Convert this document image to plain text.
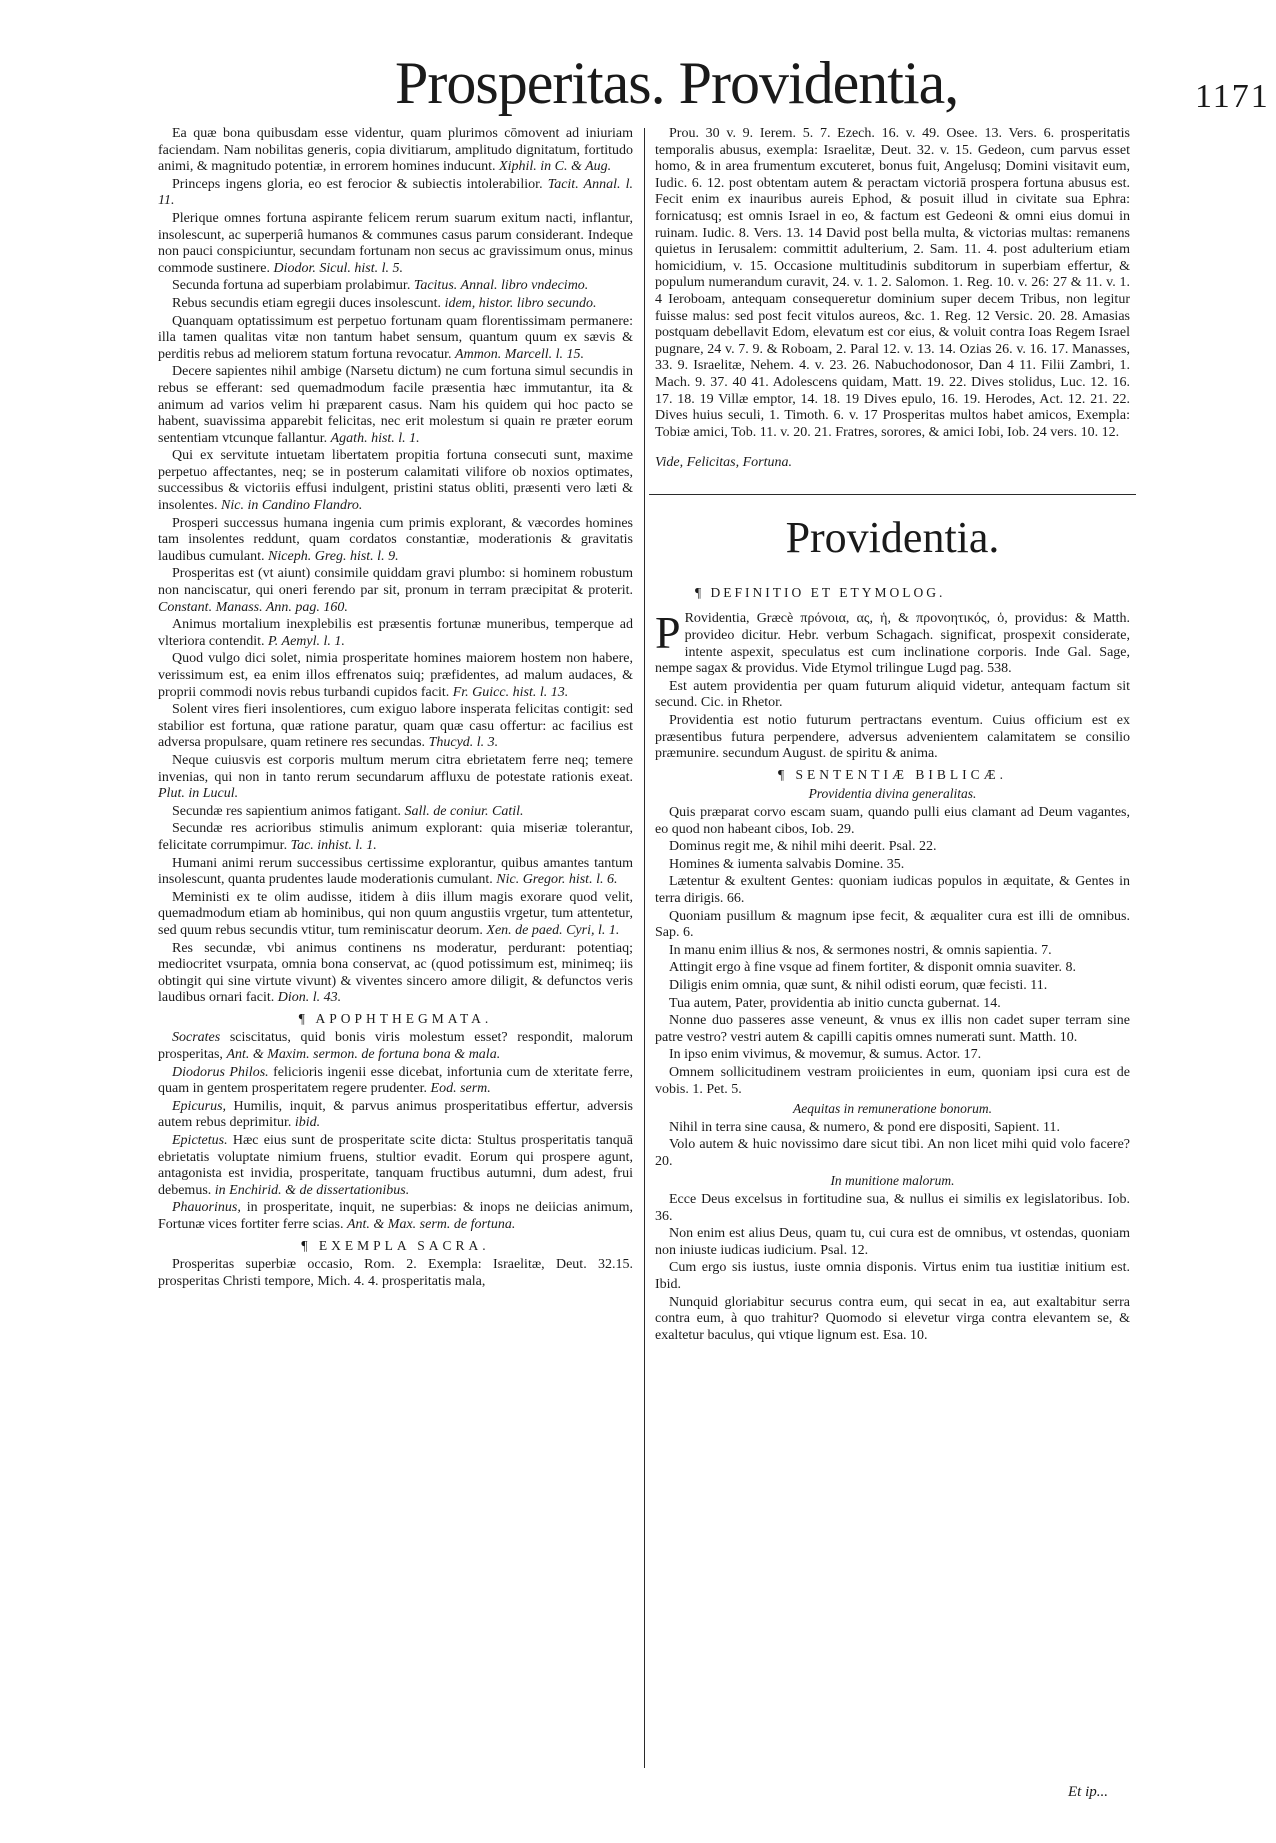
Prosperitas. Providentia,	1171

Ea quæ bona quibusdam esse videntur, quam plurimos cōmovent ad iniuriam faciendam. Nam nobilitas generis, copia divitiarum, amplitudo dignitatum, fortitudo animi, & magnitudo potentiæ, in errorem homines inducunt. Xiphil. in C. & Aug.

Princeps ingens gloria, eo est ferocior & subiectis intolerabilior. Tacit. Annal. l. 11.

Plerique omnes fortuna aspirante felicem rerum suarum exitum nacti, inflantur, insolescunt, ac superperiâ humanos & communes casus parum considerant. Indeque non pauci conspiciuntur, secundam fortunam non secus ac gravissimum onus, minus commode sustinere. Diodor. Sicul. hist. l. 5.

Secunda fortuna ad superbiam prolabimur. Tacitus. Annal. libro vndecimo.

Rebus secundis etiam egregii duces insolescunt. idem, histor. libro secundo.

Quanquam optatissimum est perpetuo fortunam quam florentissimam permanere: illa tamen qualitas vitæ non tantum habet sensum, quantum quum ex sævis & perditis rebus ad meliorem statum fortuna revocatur. Ammon. Marcell. l. 15.

Decere sapientes nihil ambige (Narsetu dictum) ne cum fortuna simul secundis in rebus se efferant: sed quemadmodum facile præsentia hæc immutantur, ita & animum ad varios velim hi præparent casus. Nam his quidem qui hoc pacto se habent, suavissima apparebit felicitas, nec erit molestum si quain re præter eorum sententiam vtcunque fallantur. Agath. hist. l. 1.

Qui ex servitute intuetam libertatem propitia fortuna consecuti sunt, maxime perpetuo affectantes, neq; se in posterum calamitati vilifore ob noxios optimates, successibus & victoriis effusi indulgent, pristini status obliti, præsenti vero læti & insolentes. Nic. in Candino Flandro.

Prosperi successus humana ingenia cum primis explorant, & væcordes homines tam insolentes reddunt, quam cordatos constantiæ, moderationis & gravitatis laudibus cumulant. Niceph. Greg. hist. l. 9.

Prosperitas est (vt aiunt) consimile quiddam gravi plumbo: si hominem robustum non nanciscatur, qui oneri ferendo par sit, pronum in terram præcipitat & proterit. Constant. Manass. Ann. pag. 160.

Animus mortalium inexplebilis est præsentis fortunæ muneribus, temperque ad vlteriora contendit. P. Aemyl. l. 1.

Quod vulgo dici solet, nimia prosperitate homines maiorem hostem non habere, verissimum est, ea enim illos effrenatos suiq; præfidentes, ad malum audaces, & proprii commodi novis rebus turbandi cupidos facit. Fr. Guicc. hist. l. 13.

Solent vires fieri insolentiores, cum exiguo labore insperata felicitas contigit: sed stabilior est fortuna, quæ ratione paratur, quam quæ casu offertur: ac facilius est adversa propulsare, quam retinere res secundas. Thucyd. l. 3.

Neque cuiusvis est corporis multum merum citra ebrietatem ferre neq; temere invenias, qui non in tanto rerum secundarum affluxu de potestate rationis exeat. Plut. in Lucul.

Secundæ res sapientium animos fatigant. Sall. de coniur. Catil.

Secundæ res acrioribus stimulis animum explorant: quia miseriæ tolerantur, felicitate corrumpimur. Tac. inhist. l. 1.

Humani animi rerum successibus certissime explorantur, quibus amantes tantum insolescunt, quanta prudentes laude moderationis cumulant. Nic. Gregor. hist. l. 6.

Meministi ex te olim audisse, itidem à diis illum magis exorare quod velit, quemadmodum etiam ab hominibus, qui non quum angustiis vrgetur, tum attentetur, sed quum rebus secundis vtitur, tum reminiscatur deorum. Xen. de paed. Cyri, l. 1.

Res secundæ, vbi animus continens ns moderatur, perdurant: potentiaq; mediocritet vsurpata, omnia bona conservat, ac (quod potissimum est, minimeq; iis obtingit qui sine virtute vivunt) & viventes sincero amore diligit, & defunctos veris laudibus ornari facit. Dion. l. 43.

¶ APOPHTHEGMATA.

Socrates sciscitatus, quid bonis viris molestum esset? respondit, malorum prosperitas, Ant. & Maxim. sermon. de fortuna bona & mala.

Diodorus Philos. felicioris ingenii esse dicebat, infortunia cum de xteritate ferre, quam in gentem prosperitatem regere prudenter. Eod. serm.

Epicurus, Humilis, inquit, & parvus animus prosperitatibus effertur, adversis autem rebus deprimitur. ibid.

Epictetus. Hæc eius sunt de prosperitate scite dicta: Stultus prosperitatis tanquā ebrietatis voluptate nimium fruens, stultior evadit. Eorum qui prospere agunt, antagonista est invidia, prosperitate, tanquam fructibus autumni, dum adest, frui debemus. in Enchirid. & de dissertationibus.

Phauorinus, in prosperitate, inquit, ne superbias: & inops ne deiicias animum, Fortunæ vices fortiter ferre scias. Ant. & Max. serm. de fortuna.

¶ EXEMPLA SACRA.

Prosperitas superbiæ occasio, Rom. 2. Exempla: Israelitæ, Deut. 32.15. prosperitas Christi tempore, Mich. 4. 4. prosperitatis mala,

Prou. 30 v. 9. Ierem. 5. 7. Ezech. 16. v. 49. Osee. 13. Vers. 6. prosperitatis temporalis abusus, exempla: Israelitæ, Deut. 32. v. 15. Gedeon, cum parvus esset homo, & in area frumentum excuteret, bonus fuit, Angelusq; Domini visitavit eum, Iudic. 6. 12. post obtentam autem & peractam victoriā prospera fortuna abusus est. Fecit enim ex inauribus aureis Ephod, & posuit illud in civitate sua Ephra: fornicatusq; est omnis Israel in eo, & factum est Gedeoni & omni eius domui in ruinam. Iudic. 8. Vers. 13. 14 David post bella multa, & victorias multas: remanens quietus in Ierusalem: committit adulterium, 2. Sam. 11. 4. post adulterium etiam homicidium, v. 15. Occasione multitudinis subditorum in superbiam effertur, & populum numerandum curavit, 24. v. 1. 2. Salomon. 1. Reg. 10. v. 26: 27 & 11. v. 1. 4 Ieroboam, antequam consequeretur dominium super decem Tribus, non legitur fuisse malus: sed post fecit vitulos aureos, &c. 1. Reg. 12 Versic. 20. 28. Amasias postquam debellavit Edom, elevatum est cor eius, & voluit contra Ioas Regem Israel pugnare, 24 v. 7. 9. & Roboam, 2. Paral 12. v. 13. 14. Ozias 26. v. 16. 17. Manasses, 33. 9. Israelitæ, Nehem. 4. v. 23. 26. Nabuchodonosor, Dan 4 11. Filii Zambri, 1. Mach. 9. 37. 40 41. Adolescens quidam, Matt. 19. 22. Dives stolidus, Luc. 12. 16. 17. 18. 19 Villæ emptor, 14. 18. 19 Dives epulo, 16. 19. Herodes, Act. 12. 21. 22. Dives huius seculi, 1. Timoth. 6. v. 17 Prosperitas multos habet amicos, Exempla: Tobiæ amici, Tob. 11. v. 20. 21. Fratres, sorores, & amici Iobi, Iob. 24 vers. 10. 12.

Vide, Felicitas, Fortuna.

Providentia.
¶ DEFINITIO ET ETYMOLOG.

P Rovidentia, Græcè πρόνοια, ας, ἡ, & προνοητικός, ὁ, providus: & Matth. provideo dicitur. Hebr. verbum Schagach. significat, prospexit considerate, intente aspexit, speculatus est cum inclinatione corporis. Inde Gal. Sage, nempe sagax & providus. Vide Etymol trilingue Lugd pag. 538.

Est autem providentia per quam futurum aliquid videtur, antequam factum sit secund. Cic. in Rhetor.

Providentia est notio futurum pertractans eventum. Cuius officium est ex præsentibus futura perpendere, adversus advenientem calamitatem se consilio præmunire. secundum August. de spiritu & anima.

¶ SENTENTIÆ BIBLICÆ.
Providentia divina generalitas.

Quis præparat corvo escam suam, quando pulli eius clamant ad Deum vagantes, eo quod non habeant cibos, Iob. 29.

Dominus regit me, & nihil mihi deerit. Psal. 22.

Homines & iumenta salvabis Domine. 35.

Lætentur & exultent Gentes: quoniam iudicas populos in æquitate, & Gentes in terra dirigis. 66.

Quoniam pusillum & magnum ipse fecit, & æqualiter cura est illi de omnibus. Sap. 6.

In manu enim illius & nos, & sermones nostri, & omnis sapientia. 7.

Attingit ergo à fine vsque ad finem fortiter, & disponit omnia suaviter. 8.

Diligis enim omnia, quæ sunt, & nihil odisti eorum, quæ fecisti. 11.

Tua autem, Pater, providentia ab initio cuncta gubernat. 14.

Nonne duo passeres asse veneunt, & vnus ex illis non cadet super terram sine patre vestro? vestri autem & capilli capitis omnes numerati sunt. Matth. 10.

In ipso enim vivimus, & movemur, & sumus. Actor. 17.

Omnem sollicitudinem vestram proiicientes in eum, quoniam ipsi cura est de vobis. 1. Pet. 5.

Aequitas in remuneratione bonorum.

Nihil in terra sine causa, & numero, & pond ere dispositi, Sapient. 11.

Volo autem & huic novissimo dare sicut tibi. An non licet mihi quid volo facere? 20.

In munitione malorum.

Ecce Deus excelsus in fortitudine sua, & nullus ei similis ex legislatoribus. Iob. 36.

Non enim est alius Deus, quam tu, cui cura est de omnibus, vt ostendas, quoniam non iniuste iudicas iudicium. Psal. 12.

Cum ergo sis iustus, iuste omnia disponis. Virtus enim tua iustitiæ initium est. Ibid.

Nunquid gloriabitur securus contra eum, qui secat in ea, aut exaltabitur serra contra eum, à quo trahitur? Quomodo si elevetur virga contra elevantem se, & exaltetur baculus, qui vtique lignum est. Esa. 10.

Et ip...
